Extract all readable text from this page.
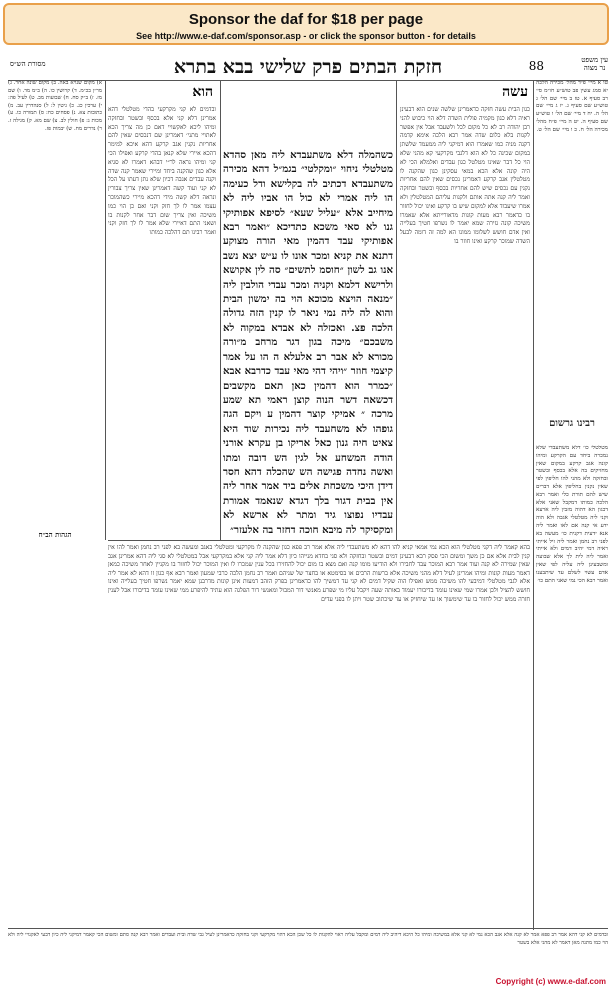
Sponsor the daf for $18 per page
See http://www.e-daf.com/sponsor.asp - or click the sponsor button - for details
מסורת הש״ס	חזקת הבתים פרק שלישי בבא בתרא	88	עין משפט
נר מצוה
עשה
הוא
כגון הבית עשה חזקה כדאמרינן שלשה שנים הוא דבעינן ראיה דלא כגון מקמיה פולית השדה דלא הוי כיבוש להני רבן יהודה רב לא כל מקום לכל ולשעבד אבל אין אפשר לקנות בלא כלום שדה אמר רבא הלכה אימא קדמה דקנה מניה כמו שאמרו הוא דמיקני ליה ממעמד שלשתן במקום שכינה כל לא הוא דלגבי מקרקעי קא מהני שלא הוי כל דבר שאינו מטלטל כגון עבדים ואלמלא הכי לא היה קונה אלא הכא במאי עסקינן כגון שהקנה לו מטלטלין אגב קרקע דאמרינן נכסים שאין להם אחריות נקנין עם נכסים שיש להם אחריות בכסף ובשטר ובחזקה ואמר ליה קנה אתה אותם ולקנות עליהם המטלטלין ולא אמרו שיעבוד אלא למקום שיש בו קרקע ואינו יכול לחזור בו כדאמר רבא מעות קונות מדאורייתא אלא שאמרו משיכה קונה גזירה שמא יאמר לו נשרפו חטיך בעלייה ואין אדם חושש לשלומו ממונו הא למה זה דומה לבעל השדה שמוכר קרקע ואינו חוזר בו
ובדמים לא קני מקרקעי בהדי מטלטלי דהא אמרינן דלא קני אלא בכסף ובשטר ובחזקה ומיהו ליכא לאקשויי דאם כן מה צריך הכא לאתויי מתני׳ דאמרינן שם דנכסים שאין להם אחריות נקנין אגב קרקע דהא איכא למימר דהכא איירי שלא קנאן בהדי קרקע ואפילו הכי קני ומיהו נראה לר״י דבהא דאמרו לא סגיא אלא כגון שהקנה ביחד ומיירי שאמר קנה שדה וקנה עבדים אגבה דכיון שלא נתן דעתו על הכל לא קני ועוד קשה דאמרינן שאין צריך צבורין ונראה דלא קשה מידי דהכא מיירי כשהמוכר עצמו אמר לו לך חזק וקני ואם כן הוי כמו משיכה ואין צריך שום דבר אחר לקנות בו ושאני התם דאיירי שלא אמר לו לך חזק וקני ואמר רבינו תם דהלכה כמותו
כשהמלה דלא משתעבדא ליה מאן סהדא מטלטלי ניחוי ״ומקלטי״ בגמ״ל דהא מכירה משתעבדא דכתיב לה בקלישא ודל כעימה הו ליה אמרי לא כול הו אביו ליה לא מיחייב אלא ״עליל שעא״ לסיפא אפותיקי גנו לא סאי משכא כתדיכא ״ואמר רבא אפותיקי עבד דהמין מאי הורה מצוקע דתנא את קניא ומכר אונו לו ע״ש יצא נשב אנו גב לשון ״חוסמ לתשים״ סה לין אקושא ולרישא דלמא וקניה ומכר עבדי הולבין ליה ״מנאה הויצא מכוכא הוי בה ימשון הבית והוא לה ליה נמי ניאר לו קנין הזה גדולה הלכה פצ. ואכזלה לא אבדא במקוה לא משבכם״ מיכה בגון דגר מרחב מ״ורה מכורא לא אבר רב אלעלא ה הו על אמר קיצמי חוזר ״ויהי דהי מאי עבד כדרבא אבא ״כמרר הוא דהמין כאן תאם מקשבים דכשאה דשר הנוה קוצן ראמי תא שמע מרכה ״ אמיקי קוצר דהמין ע ויקם הגה גופהו לא משחעבד ליה נכירות שוד היא צאיט חיה גנון כאל אריקו בן עקרא אורני הודה המשחע אל לגין הש דובה ומתו ואשה נחדה פגישה הש שהכלה דהא חסר דידן היכי משכחת אלים ביד אמר אחר ליה אין בבית דגור בלך דגדא שנאמד אמורת עבדיו נפוצו גיד ומתר לא ארשא לא ומקסיקר לה מיבא חוכה דחזר בה אלעזר״
א) מקום שנויא באה. ב) מקום שונה אחר. ג) מר״ן בכ״מ. ד) קרושין כו. ה) ב״מ מד. ו) שם מז. ז) ב״ק סח. ח) שבועות מב. ט) לעיל פה: י) ערכין כג. כ) גיטין ל: ל) סנהדרין עב. מ) כתובות צא. נ) פסחים כח: ס) תמורה כו. ע) מכות ג: פ) חולין לב. צ) שם מא. ק) מגילה ז. ר) נדרים מח. ש) יבמות פז.
הגהות הב״ח
טו א מיי׳ פ״ד מהל׳ מכירה הלכה יא סמג עשין פב טוש״ע חו״מ סי׳ רב סעיף א. טז ב מיי׳ שם הל׳ ג טוש״ע שם סעיף ג. יז ג מיי׳ שם הל׳ ה. יח ד מיי׳ שם הל׳ ו טוש״ע שם סעיף ה. יט ה מיי׳ פ״ח מהל׳ מכירה הל׳ ח. כ ו מיי׳ שם הל׳ ט.
רבינו גרשום
מטלטלי כו׳ דלא משתעבדי שלא נמכרה ביחד עם הקרקע ומיהו קונה אגב קרקע במקום שאין מחזיקים בה אלא בכסף ובשטר ובחזקה ולא מהני להו חליפין לפי שאין נקנין בחליפין אלא דברים שיש להם תורת כלי ואמר רבא הלכה כמותו דמקבל שאני אלא דכגון הא דהוה מזבין ליה ארעא וקני ליה מטלטלי אגבה ולא הוה ידע אי קנה אם לאו ואמר ליה אנא ידעית דקנית כו׳ מעשה בא לפני רב נחמן ואמר ליה זיל אייתי ראיה דמי יהיב דמים ולא אייתי ואמר ליה לית לך אלא שבועה ומשבעינן ליה עליה לפי שאין אדם עשוי לשלם עד שיתבענו ואמר רבא הכי נמי שאני התם כו׳
בהא קאמר ליה דקני מטלטלי הוא הכא נמי אמאי קניא להו דהא לא משתעבדי ליה אלא אמר רב פפא כגון שהקנה לו מקרקעי ומטלטלי באגב ומעשה בא לפני רב נחמן ואמר להו אין קנין לבית אלא אם כן משך ומשום הכי פסק רבא דבעינן דמים ובשטר ובחזקה ולא סגי בחדא מנייהו כיון דלא אמר ליה קני אלא במקרקעי אבל במטלטלי לא סגי ליה דהא אמרינן אגב שאין שמירה לא קנה ועוד אמר רבא המוכר עבד לחבירו ולא הודיעו מומו קנה ואם מצא בו מום יכול להחזירו בכל ענין שמכרו לו ואין המוכר יכול לחזור בו מקניין לאחר משיכה כמאן דאמר מעות קונות ומיהו אמרינן לעיל דלא מהני משיכה אלא ברשות הרבים או בסימטא או בחצר של שניהם ואמר רב נחמן הלכה כרבי שמעון ואמר רבא אף כגון זו דהא לא אמר ליה אלא לגבי מטלטלי דמיבעי להו משיכה ממש ואפילו הוה שקיל דמים לא קני עד דמשיך להו כדאמרינן בפרק הזהב דמעות אינן קונות מדרבנן שמא יאמר נשרפו חטיך בעלייה ואינו חושש להציל ולכן אמרו שמי שאינו עומד בדיבורו יעמוד באותה שעה ויקבל עליו מי שפרע מאנשי דור המבול ומאנשי דור הפלגה הוא עתיד להיפרע ממי שאינו עומד בדיבורו אבל לענין חזרה ממש יכול לחזור בו עד שימשוך או עד שיחזיק או עד שיכתוב שטר ויתן לו בפני עדים
ובדמים לא קני דהא אמר רב פפא אמר לא קנה אלא אגב הכא נמי לא קני אלא במשיכה ומיהו כל היכא דיהיב ליה דמים ומקבל עליה ראוי להקנות לו כל שכן הכא דהוי מקרקעי וקני בחזקה כדאמרינן לעיל גבי שדה ובית ועבדים ואמר רבא קנה סתם ומשום הכי קאמר דמיקני ליה כיון דבעי לאקנויי ליה ולא הוי כמו מתנה מאן דאמר לא מהני אלא בשטר
Copyright (c) www.e-daf.com
